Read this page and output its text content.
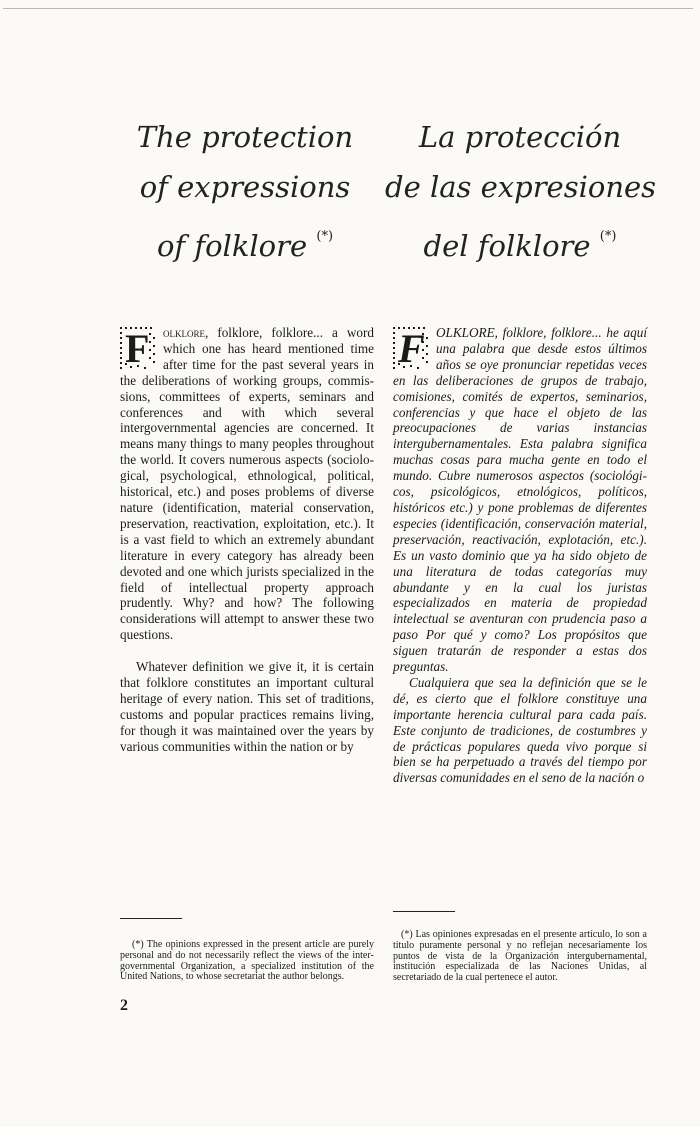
The protection
of expressions
of folklore (*)
La protección
de las expresiones
del folklore (*)

F olklore, folklore, folklore... a word which one has heard mentioned time after time for the past several years in the deliberations of working groups, commissions, committees of experts, seminars and conferences and with which several intergovernmental agencies are concerned. It means many things to many peoples throughout the world. It covers numerous aspects (sociological, psychological, ethnological, political, historical, etc.) and poses problems of diverse nature (identification, material conservation, preservation, reactivation, exploitation, etc.). It is a vast field to which an extremely abundant literature in every category has already been devoted and one which jurists specialized in the field of intellectual property approach prudently. Why? and how? The following considerations will attempt to answer these two questions.

Whatever definition we give it, it is certain that folklore constitutes an important cultural heritage of every nation. This set of traditions, customs and popular practices remains living, for though it was maintained over the years by various communities within the nation or by

F OLKLORE, folklore, folklore... he aquí una palabra que desde estos últimos años se oye pronunciar repetidas veces en las deliberaciones de grupos de trabajo, comisiones, comités de expertos, seminarios, conferencias y que hace el objeto de las preocupaciones de varias instancias intergubernamentales. Esta palabra significa muchas cosas para mucha gente en todo el mundo. Cubre numerosos aspectos (sociológicos, psicológicos, etnológicos, políticos, históricos etc.) y pone problemas de diferentes especies (identificación, conservación material, preservación, reactivación, explotación, etc.). Es un vasto dominio que ya ha sido objeto de una literatura de todas categorías muy abundante y en la cual los juristas especializados en materia de propiedad intelectual se aventuran con prudencia paso a paso Por qué y como? Los propósitos que siguen tratarán de responder a estas dos preguntas.

Cualquiera que sea la definición que se le dé, es cierto que el folklore constituye una importante herencia cultural para cada país. Este conjunto de tradiciones, de costumbres y de prácticas populares queda vivo porque si bien se ha perpetuado a través del tiempo por diversas comunidades en el seno de la nación o

(*) The opinions expressed in the present article are purely personal and do not necessarily reflect the views of the intergovernmental Organization, a specialized institution of the United Nations, to whose secretariat the author belongs.
(*) Las opiniones expresadas en el presente artículo, lo son a título puramente personal y no reflejan necesariamente los puntos de vista de la Organización intergubernamental, institución especializada de las Naciones Unidas, al secretariado de la cual pertenece el autor.
2
